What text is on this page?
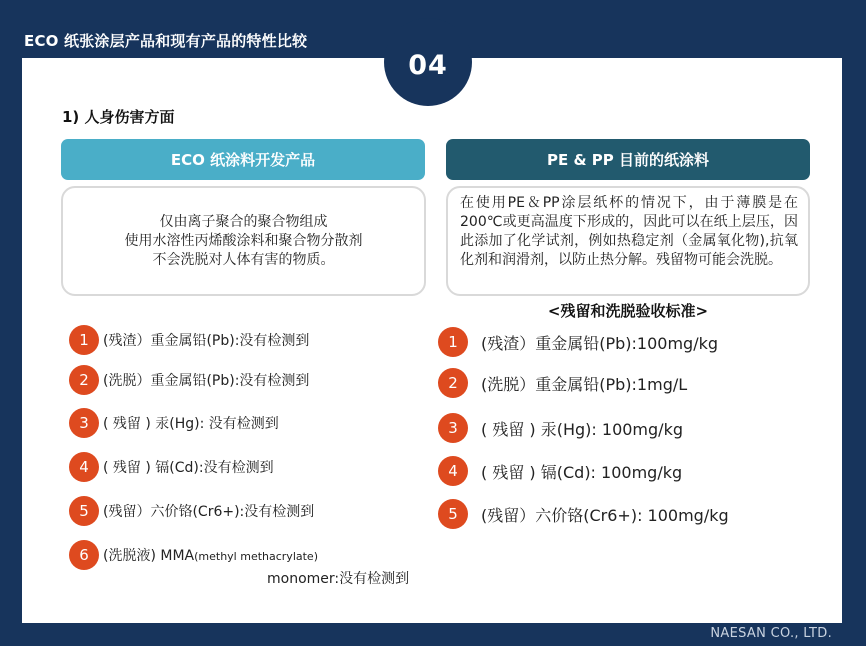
ECO 纸张涂层产品和现有产品的特性比较
04
1) 人身伤害方面
ECO 纸涂料开发产品	PE & PP 目前的纸涂料
仅由离子聚合的聚合物组成
使用水溶性丙烯酸涂料和聚合物分散剂
不会洗脱对人体有害的物质。
在使用PE＆PP涂层纸杯的情况下，由于薄膜是在200℃或更高温度下形成的，因此可以在纸上层压，因此添加了化学试剂，例如热稳定剂（金属氧化物),抗氧化剂和润滑剂，以防止热分解。残留物可能会洗脱。
<残留和洗脱验收标准>
1	(残渣）重金属铅(Pb):没有检测到
2	(洗脱）重金属铅(Pb):没有检测到
3	( 残留 ) 汞(Hg): 没有检测到
4	( 残留 ) 镉(Cd):没有检测到
5	(残留）六价铬(Cr6+):没有检测到
6	(洗脱液) MMA(methyl methacrylate)
monomer:没有检测到
1	(残渣）重金属铅(Pb):100mg/kg
2	(洗脱）重金属铅(Pb):1mg/L
3	( 残留 ) 汞(Hg): 100mg/kg
4	( 残留 ) 镉(Cd): 100mg/kg
5	(残留）六价铬(Cr6+): 100mg/kg
NAESAN CO., LTD.
